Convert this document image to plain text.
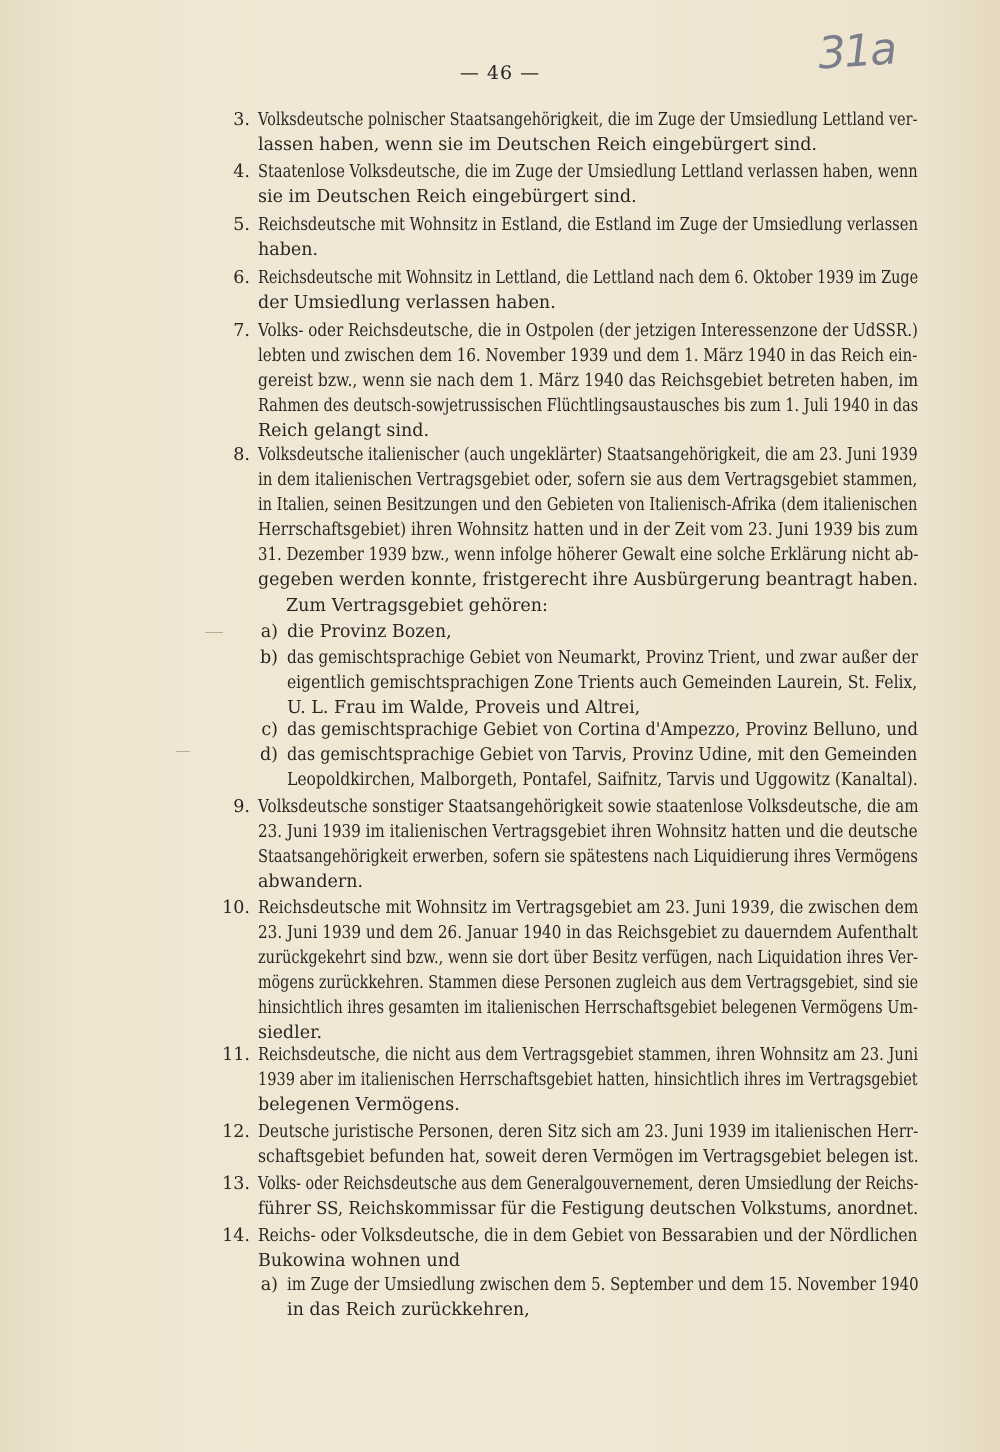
31a
— 46 —
3. Volksdeutsche polnischer Staatsangehörigkeit, die im Zuge der Umsiedlung Lettland ver-
lassen haben, wenn sie im Deutschen Reich eingebürgert sind.
4. Staatenlose Volksdeutsche, die im Zuge der Umsiedlung Lettland verlassen haben, wenn
sie im Deutschen Reich eingebürgert sind.
5. Reichsdeutsche mit Wohnsitz in Estland, die Estland im Zuge der Umsiedlung verlassen
haben.
6. Reichsdeutsche mit Wohnsitz in Lettland, die Lettland nach dem 6. Oktober 1939 im Zuge
der Umsiedlung verlassen haben.
7. Volks- oder Reichsdeutsche, die in Ostpolen (der jetzigen Interessenzone der UdSSR.)
lebten und zwischen dem 16. November 1939 und dem 1. März 1940 in das Reich ein-
gereist bzw., wenn sie nach dem 1. März 1940 das Reichsgebiet betreten haben, im
Rahmen des deutsch-sowjetrussischen Flüchtlingsaustausches bis zum 1. Juli 1940 in das
Reich gelangt sind.
8. Volksdeutsche italienischer (auch ungeklärter) Staatsangehörigkeit, die am 23. Juni 1939
in dem italienischen Vertragsgebiet oder, sofern sie aus dem Vertragsgebiet stammen,
in Italien, seinen Besitzungen und den Gebieten von Italienisch-Afrika (dem italienischen
Herrschaftsgebiet) ihren Wohnsitz hatten und in der Zeit vom 23. Juni 1939 bis zum
31. Dezember 1939 bzw., wenn infolge höherer Gewalt eine solche Erklärung nicht ab-
gegeben werden konnte, fristgerecht ihre Ausbürgerung beantragt haben.
Zum Vertragsgebiet gehören:
a) die Provinz Bozen,
b) das gemischtsprachige Gebiet von Neumarkt, Provinz Trient, und zwar außer der
eigentlich gemischtsprachigen Zone Trients auch Gemeinden Laurein, St. Felix,
U. L. Frau im Walde, Proveis und Altrei,
c) das gemischtsprachige Gebiet von Cortina d'Ampezzo, Provinz Belluno, und
d) das gemischtsprachige Gebiet von Tarvis, Provinz Udine, mit den Gemeinden
Leopoldkirchen, Malborgeth, Pontafel, Saifnitz, Tarvis und Uggowitz (Kanaltal).
9. Volksdeutsche sonstiger Staatsangehörigkeit sowie staatenlose Volksdeutsche, die am
23. Juni 1939 im italienischen Vertragsgebiet ihren Wohnsitz hatten und die deutsche
Staatsangehörigkeit erwerben, sofern sie spätestens nach Liquidierung ihres Vermögens
abwandern.
10. Reichsdeutsche mit Wohnsitz im Vertragsgebiet am 23. Juni 1939, die zwischen dem
23. Juni 1939 und dem 26. Januar 1940 in das Reichsgebiet zu dauerndem Aufenthalt
zurückgekehrt sind bzw., wenn sie dort über Besitz verfügen, nach Liquidation ihres Ver-
mögens zurückkehren. Stammen diese Personen zugleich aus dem Vertragsgebiet, sind sie
hinsichtlich ihres gesamten im italienischen Herrschaftsgebiet belegenen Vermögens Um-
siedler.
11. Reichsdeutsche, die nicht aus dem Vertragsgebiet stammen, ihren Wohnsitz am 23. Juni
1939 aber im italienischen Herrschaftsgebiet hatten, hinsichtlich ihres im Vertragsgebiet
belegenen Vermögens.
12. Deutsche juristische Personen, deren Sitz sich am 23. Juni 1939 im italienischen Herr-
schaftsgebiet befunden hat, soweit deren Vermögen im Vertragsgebiet belegen ist.
13. Volks- oder Reichsdeutsche aus dem Generalgouvernement, deren Umsiedlung der Reichs-
führer SS, Reichskommissar für die Festigung deutschen Volkstums, anordnet.
14. Reichs- oder Volksdeutsche, die in dem Gebiet von Bessarabien und der Nördlichen
Bukowina wohnen und
a) im Zuge der Umsiedlung zwischen dem 5. September und dem 15. November 1940
in das Reich zurückkehren,
